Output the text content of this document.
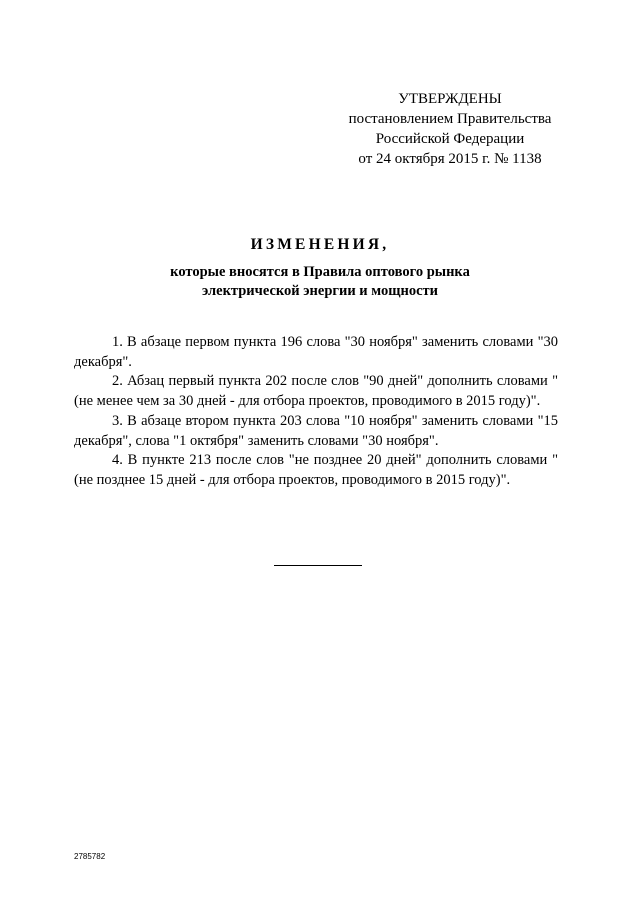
УТВЕРЖДЕНЫ
постановлением Правительства
Российской Федерации
от 24 октября 2015 г. № 1138
ИЗМЕНЕНИЯ,
которые вносятся в Правила оптового рынка
электрической энергии и мощности

1. В абзаце первом пункта 196 слова "30 ноября" заменить словами "30 декабря".

2. Абзац первый пункта 202 после слов "90 дней" дополнить словами "(не менее чем за 30 дней - для отбора проектов, проводимого в 2015 году)".

3. В абзаце втором пункта 203 слова "10 ноября" заменить словами "15 декабря", слова "1 октября" заменить словами "30 ноября".

4. В пункте 213 после слов "не позднее 20 дней" дополнить словами "(не позднее 15 дней - для отбора проектов, проводимого в 2015 году)".

2785782
